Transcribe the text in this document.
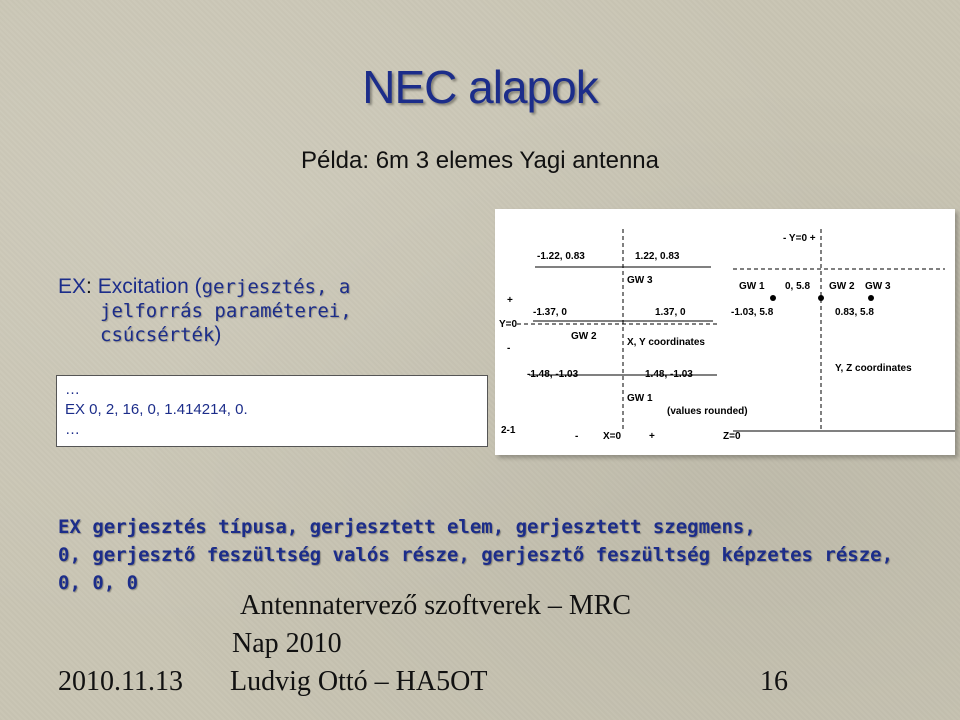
NEC alapok
Példa: 6m 3 elemes Yagi antenna
EX: Excitation (gerjesztés, a
jelforrás paraméterei,
csúcsérték)
…
EX 0, 2, 16, 0, 1.414214, 0.
…
- Y=0 +
-1.22, 0.83	1.22, 0.83
GW 3
+
Y=0
-1.37, 0	1.37, 0
GW 2
-
X, Y coordinates
-1.48, -1.03	1.48, -1.03
GW 1
(values rounded)
2-1
- X=0	+	Z=0
GW 1 0, 5.8 GW 2 GW 3
-1.03, 5.8	0.83, 5.8
Y, Z coordinates
EX gerjesztés típusa, gerjesztett elem, gerjesztett szegmens,
0, gerjesztő feszültség valós része, gerjesztő feszültség képzetes része,
0, 0, 0
Antennatervező szoftverek – MRC
Nap 2010
2010.11.13 Ludvig Ottó – HA5OT	16
